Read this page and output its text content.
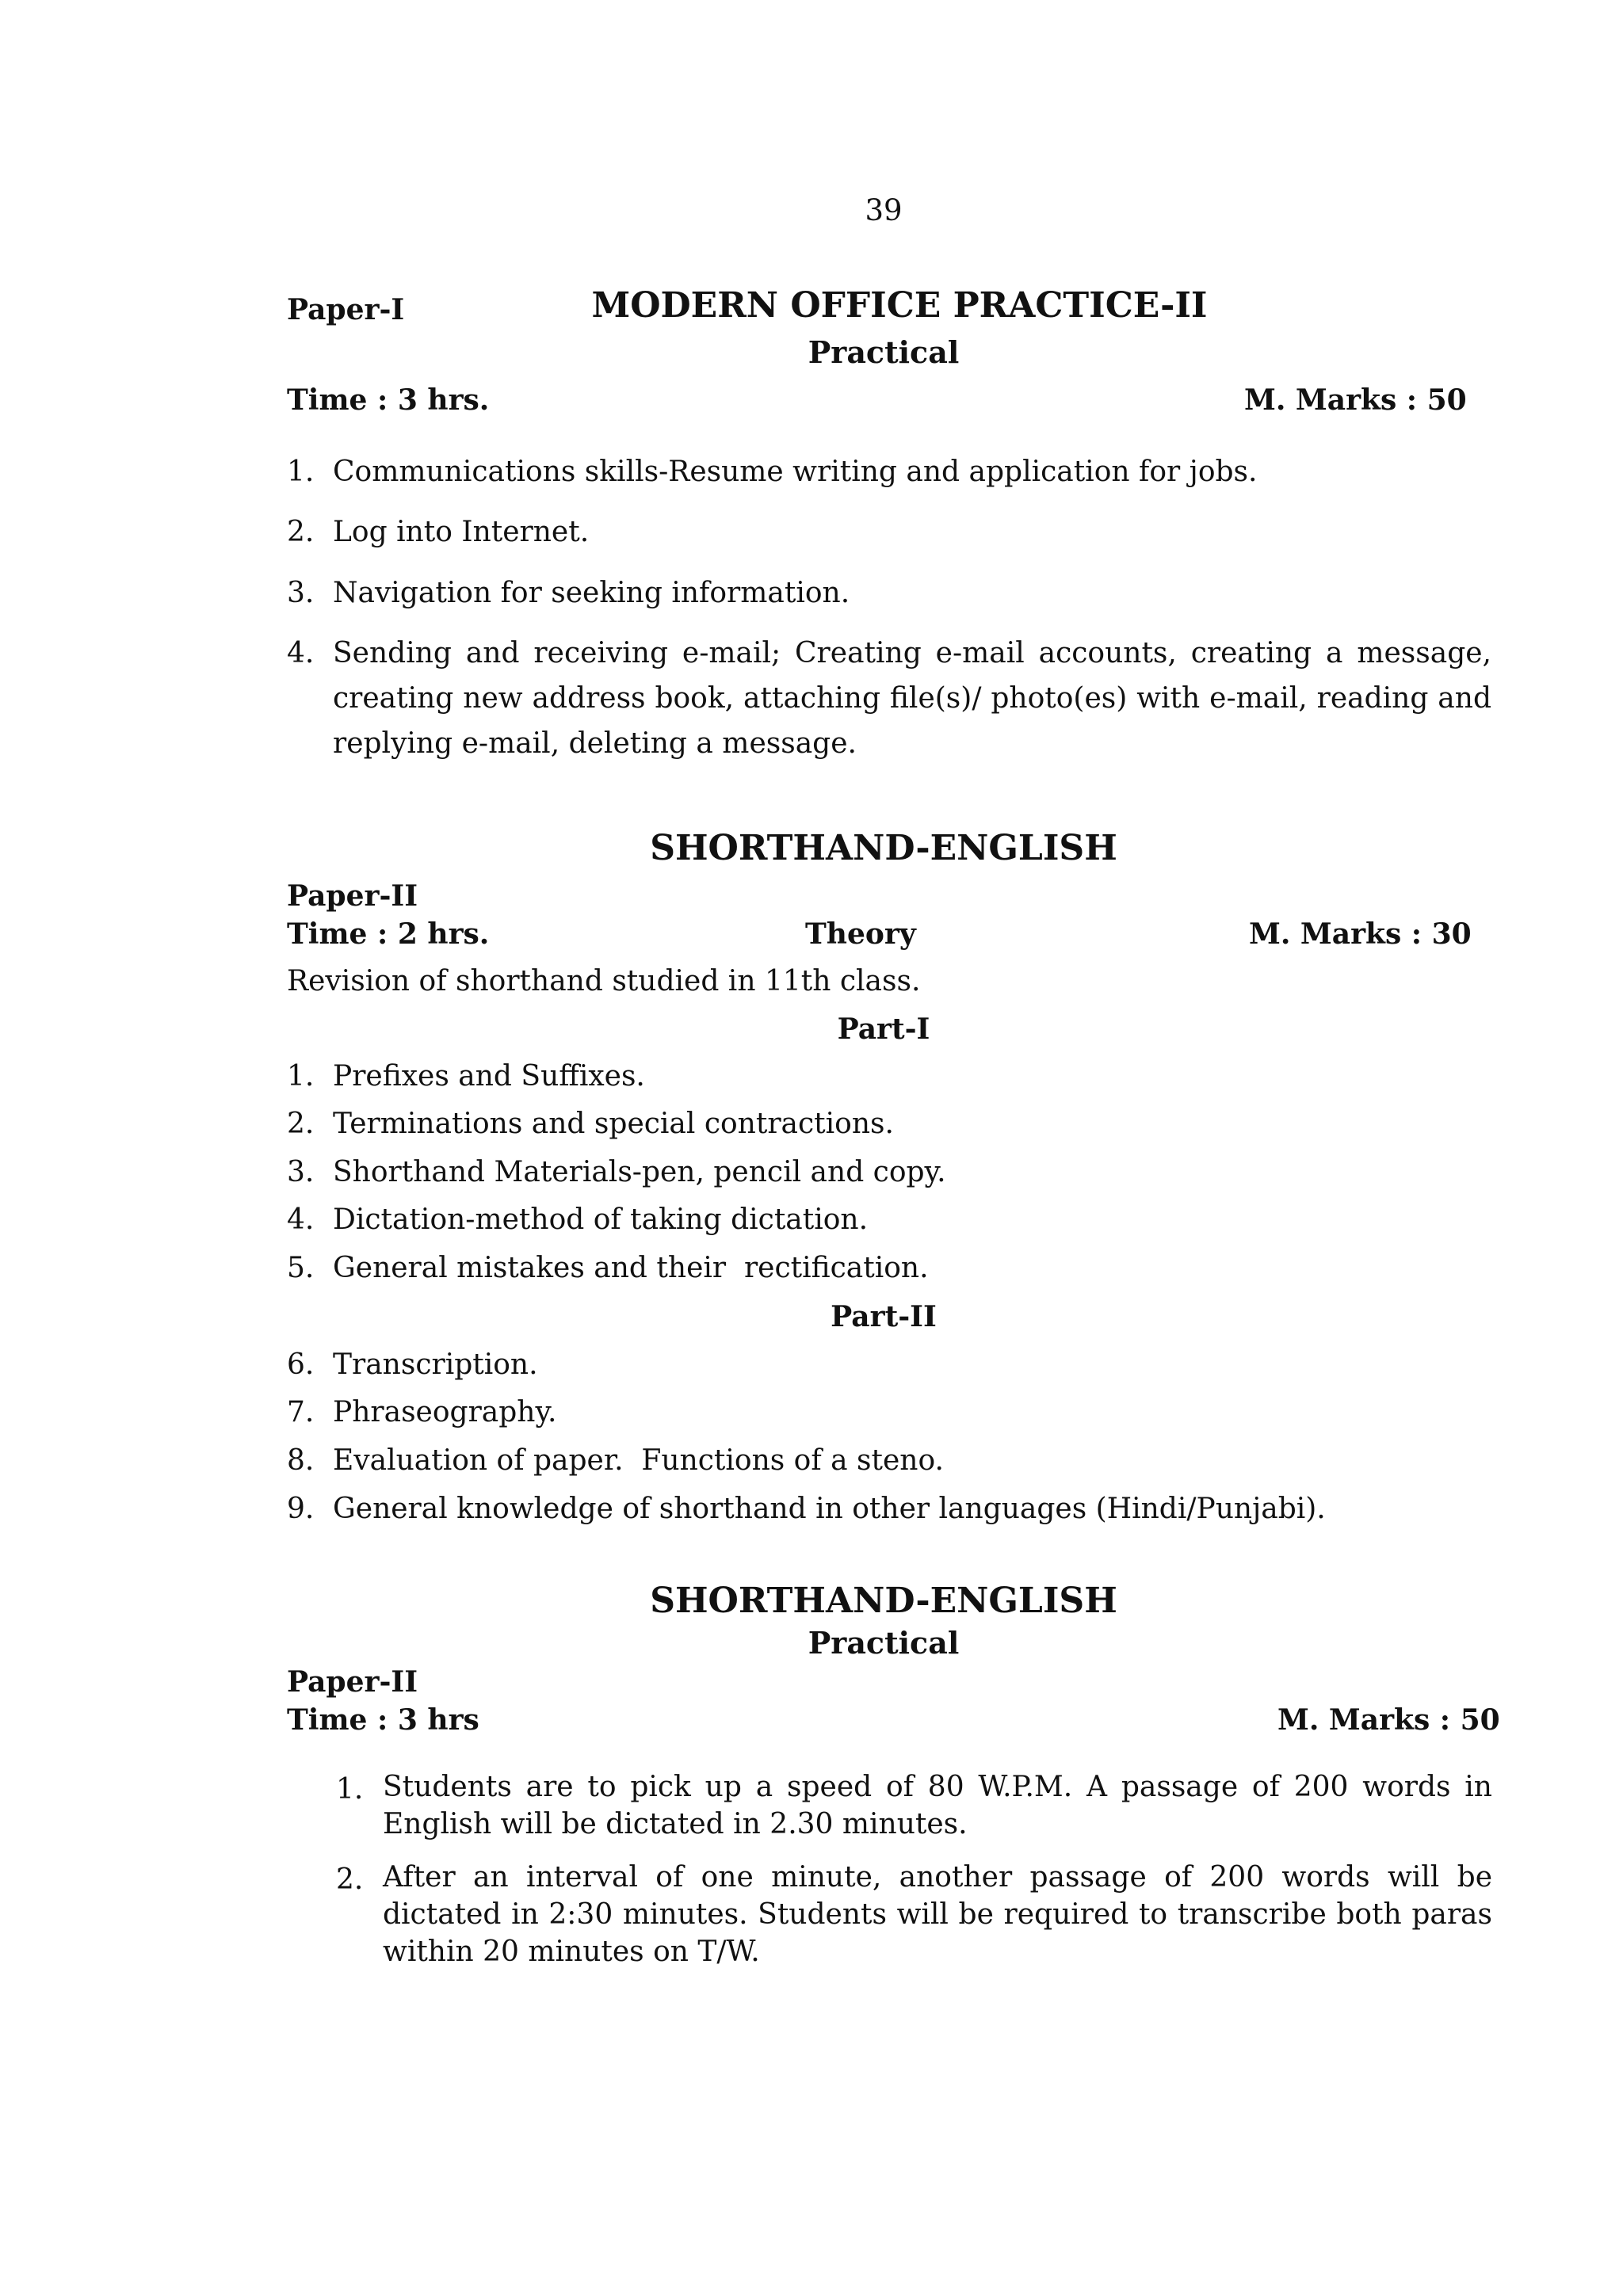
39
Paper-I	MODERN OFFICE PRACTICE-II
Practical
Time : 3 hrs.	M. Marks : 50
1. Communications skills-Resume writing and application for jobs.
2. Log into Internet.
3. Navigation for seeking information.
4. Sending and receiving e-mail; Creating e-mail accounts, creating a message, creating new address book, attaching file(s)/ photo(es) with e-mail, reading and replying e-mail, deleting a message.
SHORTHAND-ENGLISH
Paper-II
Time : 2 hrs.	Theory	M. Marks : 30
Revision of shorthand studied in 11th class.
Part-I
1. Prefixes and Suffixes.
2. Terminations and special contractions.
3. Shorthand Materials-pen, pencil and copy.
4. Dictation-method of taking dictation.
5. General mistakes and their  rectification.
Part-II
6. Transcription.
7. Phraseography.
8. Evaluation of paper.  Functions of a steno.
9. General knowledge of shorthand in other languages (Hindi/Punjabi).
SHORTHAND-ENGLISH
Practical
Paper-II
Time : 3 hrs	M. Marks : 50
1. Students are to pick up a speed of 80 W.P.M. A passage of 200 words in English will be dictated in 2.30 minutes.
2. After an interval of one minute, another passage of 200 words will be dictated in 2:30 minutes. Students will be required to transcribe both paras within 20 minutes on T/W.
